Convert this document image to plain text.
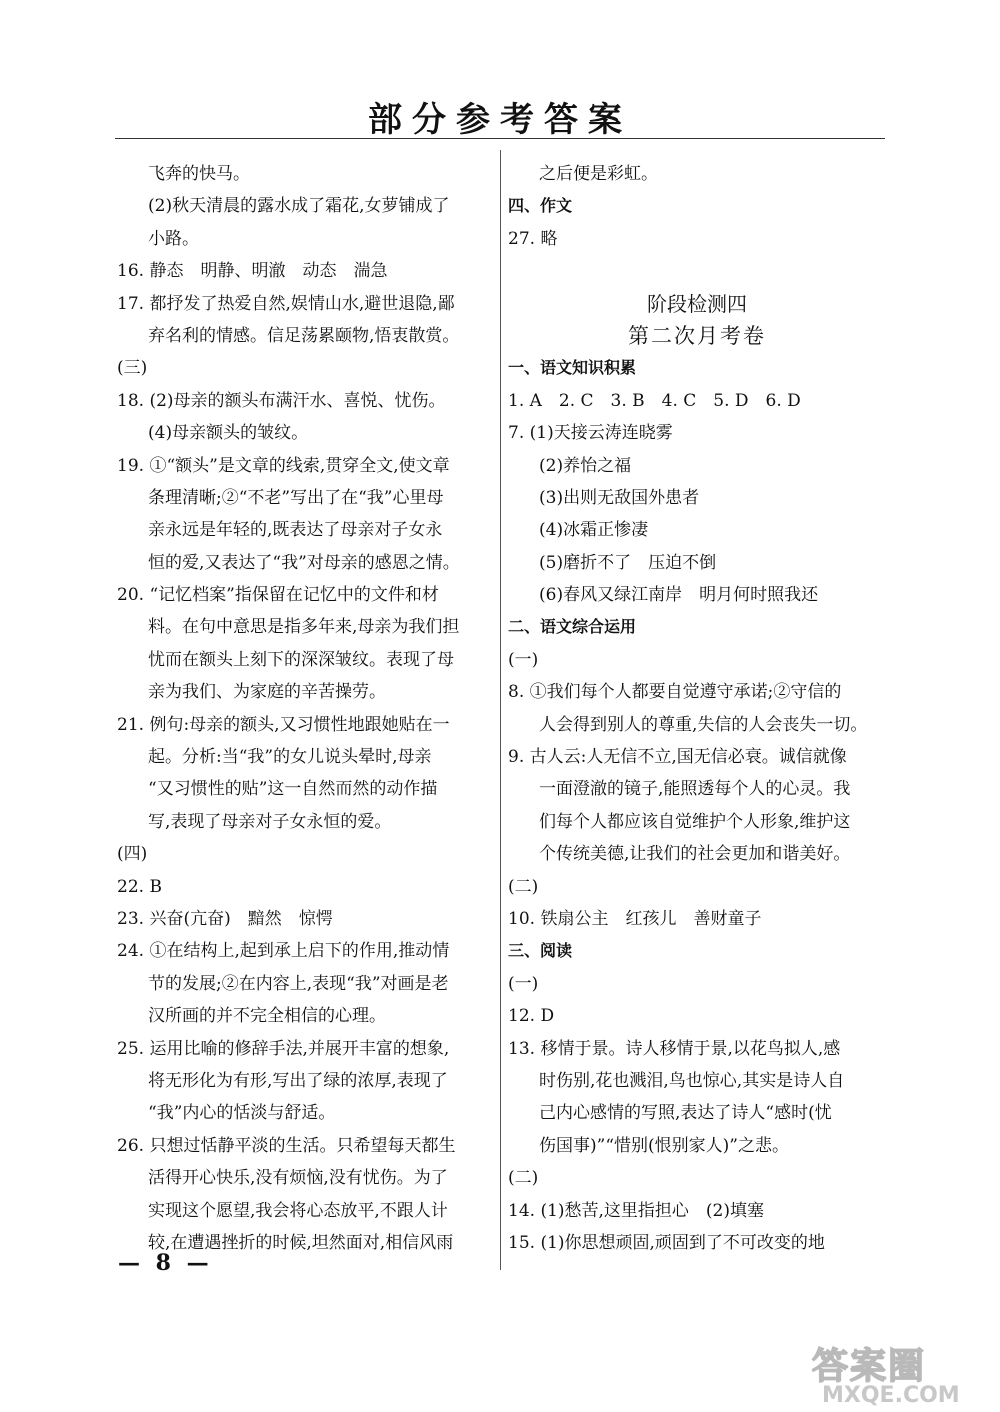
部分参考答案
飞奔的快马。
(2)秋天清晨的露水成了霜花,女萝铺成了
小路。
16. 静态　明静、明澈　动态　湍急
17. 都抒发了热爱自然,娱情山水,避世退隐,鄙
弃名利的情感。信足荡累颐物,悟衷散赏。
(三)
18. (2)母亲的额头布满汗水、喜悦、忧伤。
(4)母亲额头的皱纹。
19. ①“额头”是文章的线索,贯穿全文,使文章
条理清晰;②“不老”写出了在“我”心里母
亲永远是年轻的,既表达了母亲对子女永
恒的爱,又表达了“我”对母亲的感恩之情。
20. “记忆档案”指保留在记忆中的文件和材
料。在句中意思是指多年来,母亲为我们担
忧而在额头上刻下的深深皱纹。表现了母
亲为我们、为家庭的辛苦操劳。
21. 例句:母亲的额头,又习惯性地跟她贴在一
起。分析:当“我”的女儿说头晕时,母亲
“又习惯性的贴”这一自然而然的动作描
写,表现了母亲对子女永恒的爱。
(四)
22. B
23. 兴奋(亢奋)　黯然　惊愕
24. ①在结构上,起到承上启下的作用,推动情
节的发展;②在内容上,表现“我”对画是老
汉所画的并不完全相信的心理。
25. 运用比喻的修辞手法,并展开丰富的想象,
将无形化为有形,写出了绿的浓厚,表现了
“我”内心的恬淡与舒适。
26. 只想过恬静平淡的生活。只希望每天都生
活得开心快乐,没有烦恼,没有忧伤。为了
实现这个愿望,我会将心态放平,不跟人计
较,在遭遇挫折的时候,坦然面对,相信风雨
之后便是彩虹。
四、作文
27. 略
阶段检测四
第二次月考卷
一、语文知识积累
1. A　2. C　3. B　4. C　5. D　6. D
7. (1)天接云涛连晓雾
(2)养怡之福
(3)出则无敌国外患者
(4)冰霜正惨凄
(5)磨折不了　压迫不倒
(6)春风又绿江南岸　明月何时照我还
二、语文综合运用
(一)
8. ①我们每个人都要自觉遵守承诺;②守信的
人会得到别人的尊重,失信的人会丧失一切。
9. 古人云:人无信不立,国无信必衰。诚信就像
一面澄澈的镜子,能照透每个人的心灵。我
们每个人都应该自觉维护个人形象,维护这
个传统美德,让我们的社会更加和谐美好。
(二)
10. 铁扇公主　红孩儿　善财童子
三、阅读
(一)
12. D
13. 移情于景。诗人移情于景,以花鸟拟人,感
时伤别,花也溅泪,鸟也惊心,其实是诗人自
己内心感情的写照,表达了诗人“感时(忧
伤国事)”“惜别(恨别家人)”之悲。
(二)
14. (1)愁苦,这里指担心　(2)填塞
15. (1)你思想顽固,顽固到了不可改变的地
— 8 —
答案圈
MXQE.COM
